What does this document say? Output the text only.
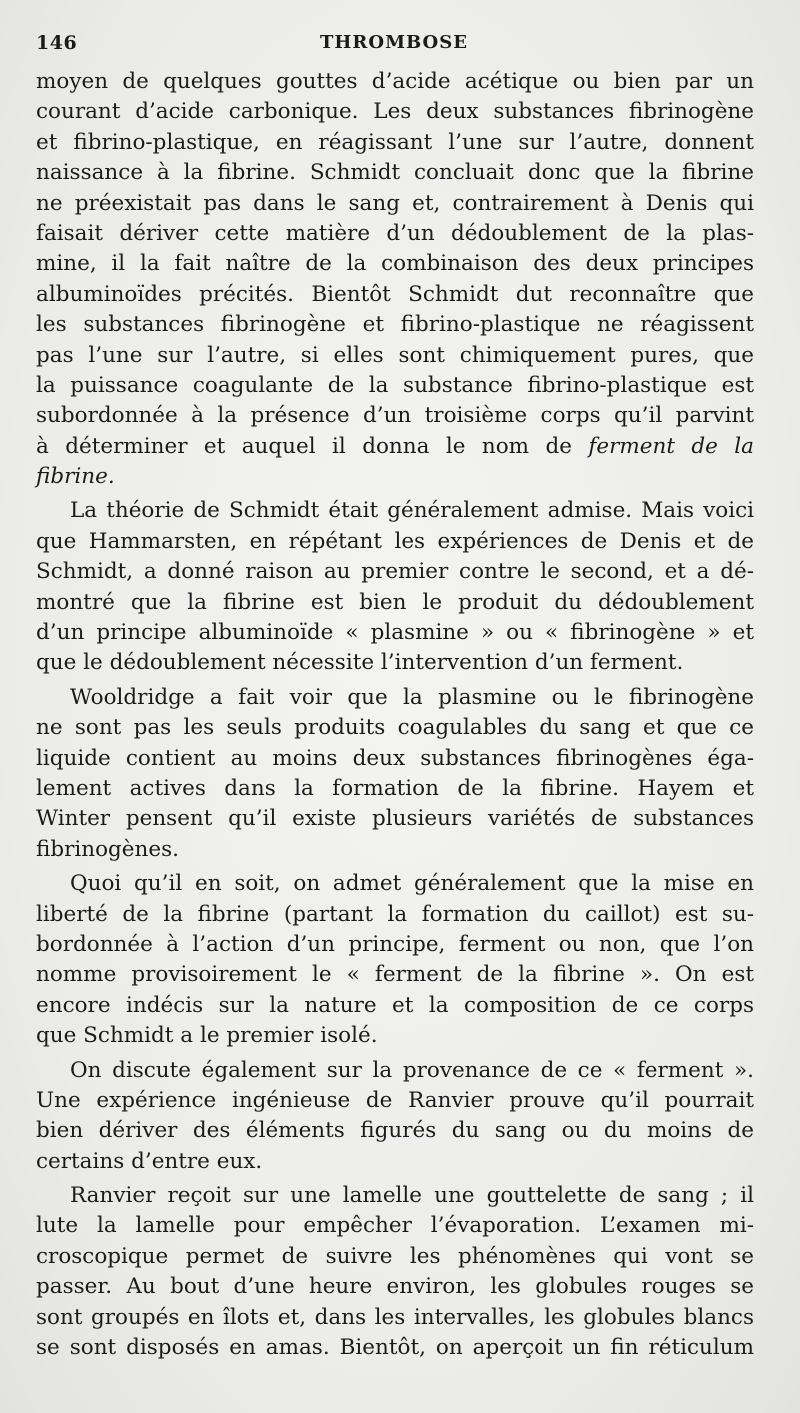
146	THROMBOSE
moyen de quelques gouttes d’acide acétique ou bien par un
courant d’acide carbonique. Les deux substances fibrinogène
et fibrino-plastique, en réagissant l’une sur l’autre, donnent
naissance à la fibrine. Schmidt concluait donc que la fibrine
ne préexistait pas dans le sang et, contrairement à Denis qui
faisait dériver cette matière d’un dédoublement de la plas-
mine, il la fait naître de la combinaison des deux principes
albuminoïdes précités. Bientôt Schmidt dut reconnaître que
les substances fibrinogène et fibrino-plastique ne réagissent
pas l’une sur l’autre, si elles sont chimiquement pures, que
la puissance coagulante de la substance fibrino-plastique est
subordonnée à la présence d’un troisième corps qu’il parvint
à déterminer et auquel il donna le nom de ferment de la
fibrine.
La théorie de Schmidt était généralement admise. Mais voici
que Hammarsten, en répétant les expériences de Denis et de
Schmidt, a donné raison au premier contre le second, et a dé-
montré que la fibrine est bien le produit du dédoublement
d’un principe albuminoïde « plasmine » ou « fibrinogène » et
que le dédoublement nécessite l’intervention d’un ferment.
Wooldridge a fait voir que la plasmine ou le fibrinogène
ne sont pas les seuls produits coagulables du sang et que ce
liquide contient au moins deux substances fibrinogènes éga-
lement actives dans la formation de la fibrine. Hayem et
Winter pensent qu’il existe plusieurs variétés de substances
fibrinogènes.
Quoi qu’il en soit, on admet généralement que la mise en
liberté de la fibrine (partant la formation du caillot) est su-
bordonnée à l’action d’un principe, ferment ou non, que l’on
nomme provisoirement le « ferment de la fibrine ». On est
encore indécis sur la nature et la composition de ce corps
que Schmidt a le premier isolé.
On discute également sur la provenance de ce « ferment ».
Une expérience ingénieuse de Ranvier prouve qu’il pourrait
bien dériver des éléments figurés du sang ou du moins de
certains d’entre eux.
Ranvier reçoit sur une lamelle une gouttelette de sang ; il
lute la lamelle pour empêcher l’évaporation. L’examen mi-
croscopique permet de suivre les phénomènes qui vont se
passer. Au bout d’une heure environ, les globules rouges se
sont groupés en îlots et, dans les intervalles, les globules blancs
se sont disposés en amas. Bientôt, on aperçoit un fin réticulum
